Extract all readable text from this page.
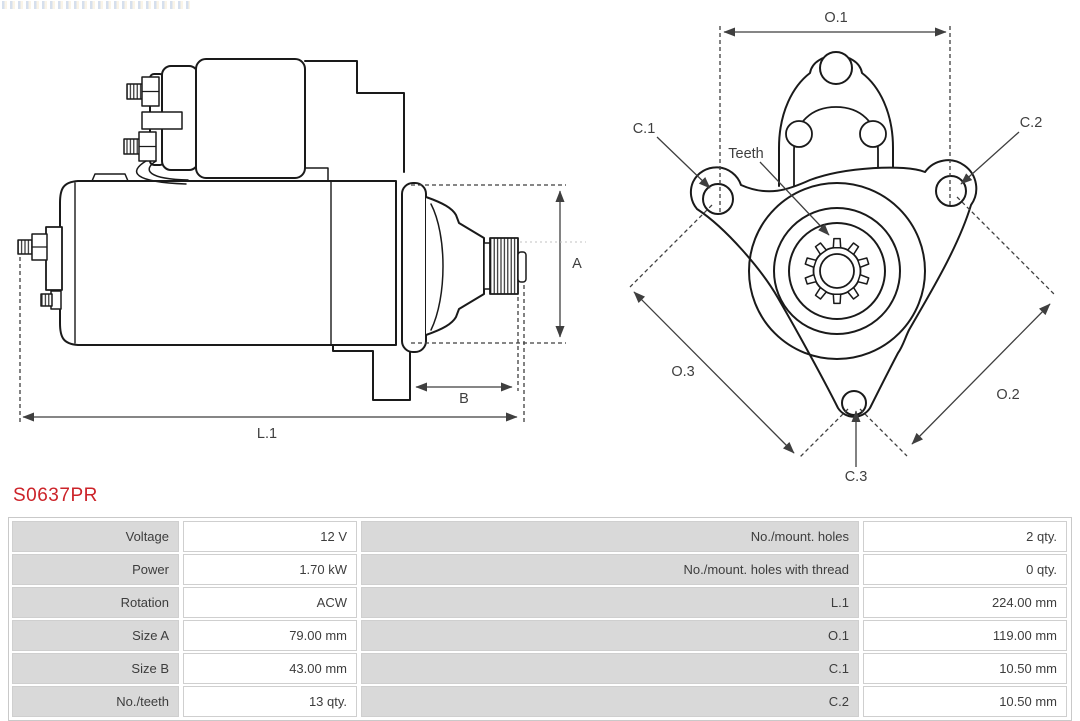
A
B
L.1
O.1
C.1	C.2
Teeth
O.3
O.2
C.3
S0637PR
Voltage	12 V	No./mount. holes	2 qty.
Power	1.70 kW	No./mount. holes with thread	0 qty.
Rotation	ACW	L.1	224.00 mm
Size A	79.00 mm	O.1	119.00 mm
Size B	43.00 mm	C.1	10.50 mm
No./teeth	13 qty.	C.2	10.50 mm
